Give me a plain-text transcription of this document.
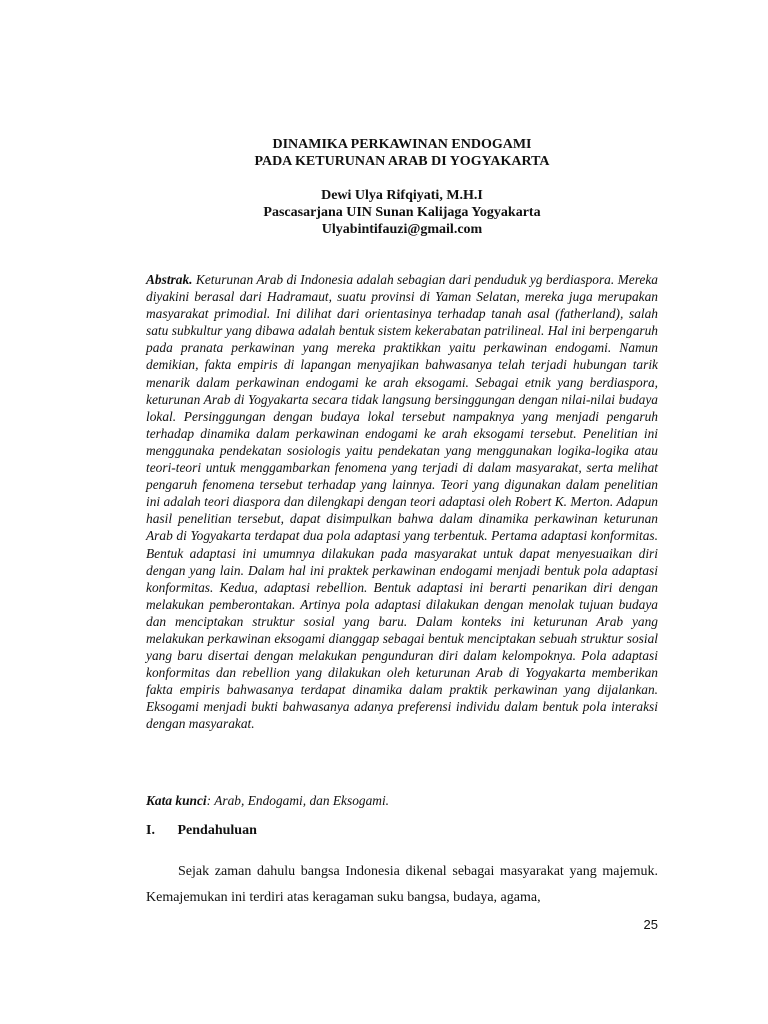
DINAMIKA PERKAWINAN ENDOGAMI
PADA KETURUNAN ARAB DI YOGYAKARTA
Dewi Ulya Rifqiyati, M.H.I
Pascasarjana UIN Sunan Kalijaga Yogyakarta
Ulyabintifauzi@gmail.com

Abstrak. Keturunan Arab di Indonesia adalah sebagian dari penduduk yg berdiaspora. Mereka diyakini berasal dari Hadramaut, suatu provinsi di Yaman Selatan, mereka juga merupakan masyarakat primodial. Ini dilihat dari orientasinya terhadap tanah asal (fatherland), salah satu subkultur yang dibawa adalah bentuk sistem kekerabatan patrilineal. Hal ini berpengaruh pada pranata perkawinan yang mereka praktikkan yaitu perkawinan endogami. Namun demikian, fakta empiris di lapangan menyajikan bahwasanya telah terjadi hubungan tarik menarik dalam perkawinan endogami ke arah eksogami. Sebagai etnik yang berdiaspora, keturunan Arab di Yogyakarta secara tidak langsung bersinggungan dengan nilai-nilai budaya lokal. Persinggungan dengan budaya lokal tersebut nampaknya yang menjadi pengaruh terhadap dinamika dalam perkawinan endogami ke arah eksogami tersebut. Penelitian ini menggunaka pendekatan sosiologis yaitu pendekatan yang menggunakan logika-logika atau teori-teori untuk menggambarkan fenomena yang terjadi di dalam masyarakat, serta melihat pengaruh fenomena tersebut terhadap yang lainnya. Teori yang digunakan dalam penelitian ini adalah teori diaspora dan dilengkapi dengan teori adaptasi oleh Robert K. Merton. Adapun hasil penelitian tersebut, dapat disimpulkan bahwa dalam dinamika perkawinan keturunan Arab di Yogyakarta terdapat dua pola adaptasi yang terbentuk. Pertama adaptasi konformitas. Bentuk adaptasi ini umumnya dilakukan pada masyarakat untuk dapat menyesuaikan diri dengan yang lain. Dalam hal ini praktek perkawinan endogami menjadi bentuk pola adaptasi konformitas. Kedua, adaptasi rebellion. Bentuk adaptasi ini berarti penarikan diri dengan melakukan pemberontakan. Artinya pola adaptasi dilakukan dengan menolak tujuan budaya dan menciptakan struktur sosial yang baru. Dalam konteks ini keturunan Arab yang melakukan perkawinan eksogami dianggap sebagai bentuk menciptakan sebuah struktur sosial yang baru disertai dengan melakukan pengunduran diri dalam kelompoknya. Pola adaptasi konformitas dan rebellion yang dilakukan oleh keturunan Arab di Yogyakarta memberikan fakta empiris bahwasanya terdapat dinamika dalam praktik perkawinan yang dijalankan. Eksogami menjadi bukti bahwasanya adanya preferensi individu dalam bentuk pola interaksi dengan masyarakat.

Kata kunci: Arab, Endogami, dan Eksogami.

I. Pendahuluan

Sejak zaman dahulu bangsa Indonesia dikenal sebagai masyarakat yang majemuk. Kemajemukan ini terdiri atas keragaman suku bangsa, budaya, agama,

25
